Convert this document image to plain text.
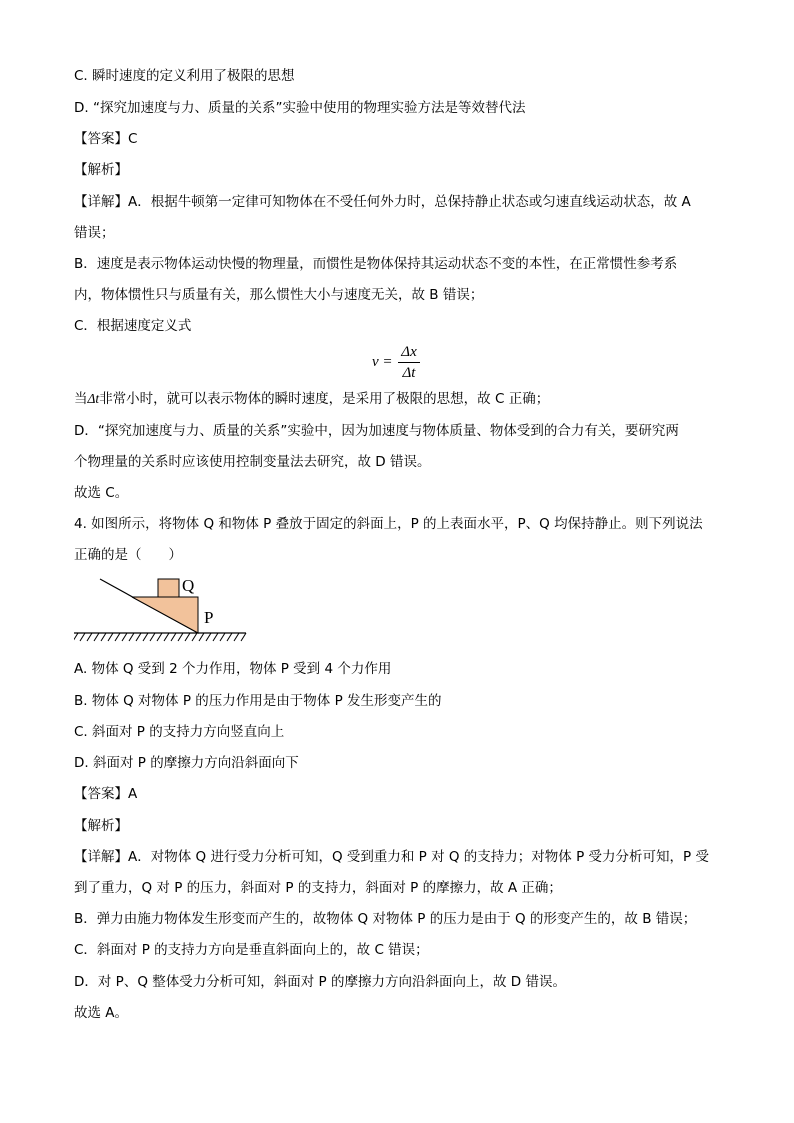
C. 瞬时速度的定义利用了极限的思想
D. “探究加速度与力、质量的关系”实验中使用的物理实验方法是等效替代法
【答案】C
【解析】
【详解】A．根据牛顿第一定律可知物体在不受任何外力时，总保持静止状态或匀速直线运动状态，故 A
错误；
B．速度是表示物体运动快慢的物理量，而惯性是物体保持其运动状态不变的本性，在正常惯性参考系
内，物体惯性只与质量有关，那么惯性大小与速度无关，故 B 错误；
C．根据速度定义式
v =
Δx
Δt
当Δt非常小时，就可以表示物体的瞬时速度，是采用了极限的思想，故 C 正确；
D．“探究加速度与力、质量的关系”实验中，因为加速度与物体质量、物体受到的合力有关，要研究两
个物理量的关系时应该使用控制变量法去研究，故 D 错误。
故选 C。
4. 如图所示，将物体 Q 和物体 P 叠放于固定的斜面上，P 的上表面水平，P、Q 均保持静止。则下列说法
正确的是（　　）
Q
P
A. 物体 Q 受到 2 个力作用，物体 P 受到 4 个力作用
B. 物体 Q 对物体 P 的压力作用是由于物体 P 发生形变产生的
C. 斜面对 P 的支持力方向竖直向上
D. 斜面对 P 的摩擦力方向沿斜面向下
【答案】A
【解析】
【详解】A．对物体 Q 进行受力分析可知，Q 受到重力和 P 对 Q 的支持力；对物体 P 受力分析可知，P 受
到了重力，Q 对 P 的压力，斜面对 P 的支持力，斜面对 P 的摩擦力，故 A 正确；
B．弹力由施力物体发生形变而产生的，故物体 Q 对物体 P 的压力是由于 Q 的形变产生的，故 B 错误；
C．斜面对 P 的支持力方向是垂直斜面向上的，故 C 错误；
D．对 P、Q 整体受力分析可知，斜面对 P 的摩擦力方向沿斜面向上，故 D 错误。
故选 A。
